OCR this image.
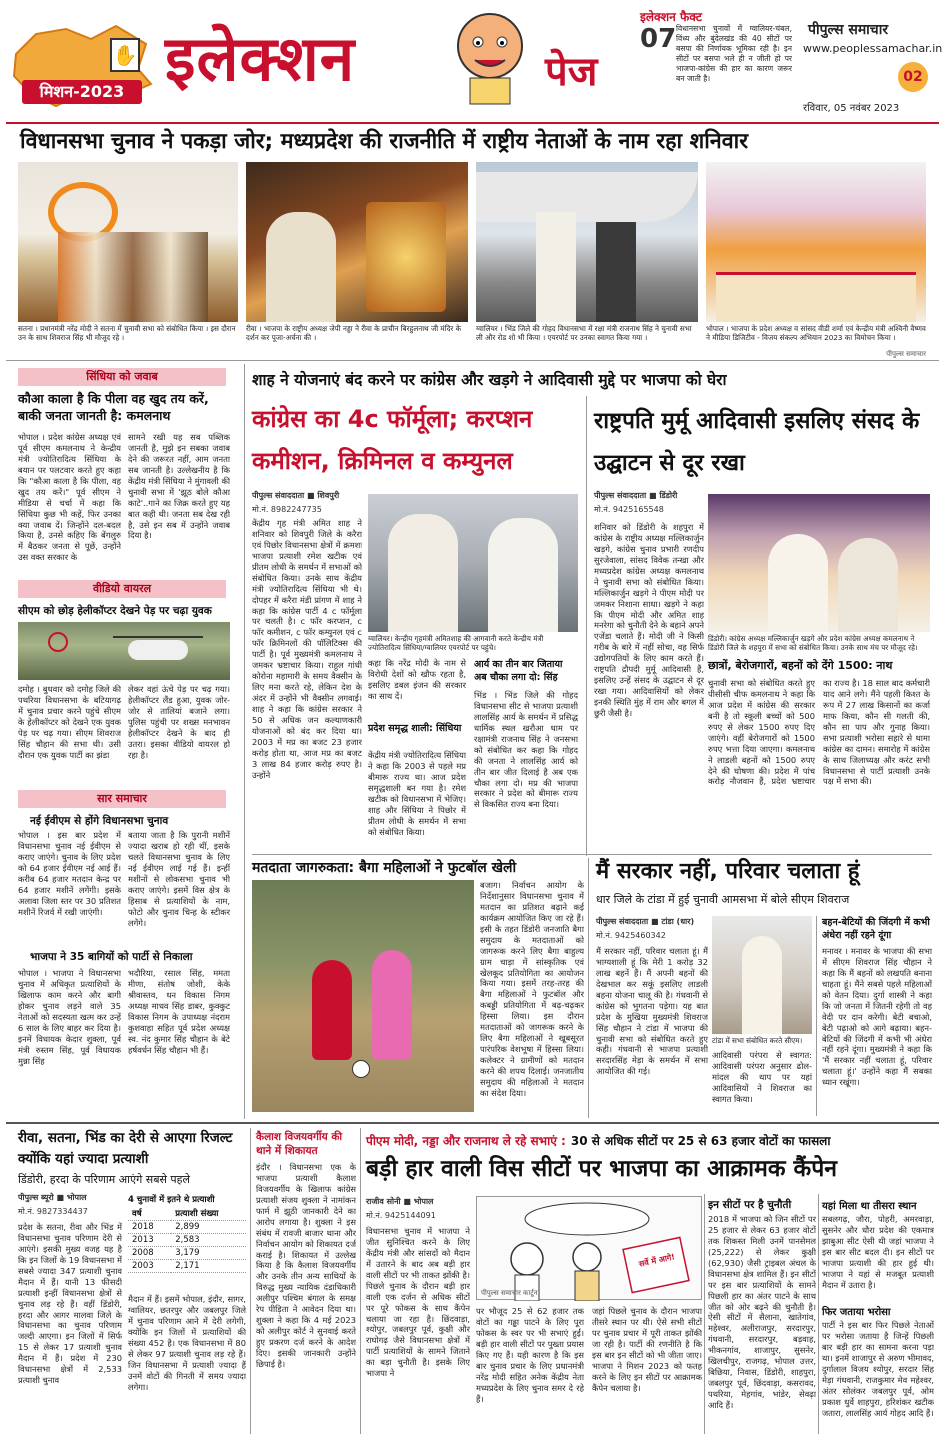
मिशन-2023
✋ इलेक्शन	पेज
इलेक्शन फैक्ट
07 विधानसभा चुनावों में ग्वालियर-चंबल, विंध्य और बुंदेलखंड की 40 सीटों पर बसपा की निर्णायक भूमिका रही है। इन सीटों पर बसपा भले ही न जीती हो पर भाजपा-कांग्रेस की हार का कारण जरूर बन जाती है।
पीपुल्स समाचार
www.peoplessamachar.in
02
रविवार, 05 नवंबर 2023
विधानसभा चुनाव ने पकड़ा जोर; मध्यप्रदेश की राजनीति में राष्ट्रीय नेताओं के नाम रहा शनिवार
सतना । प्रधानमंत्री नरेंद्र मोदी ने सतना में चुनावी सभा को संबोधित किया । इस दौरान उन के साथ शिवराज सिंह भी मौजूद रहे ।
रीवा । भाजपा के राष्ट्रीय अध्यक्ष जेपी नड्डा ने रीवा के प्राचीन बिरहुलनाथ जी मंदिर के दर्शन कर पूजा-अर्चना की ।
ग्वालियर । भिंड जिले की गोहद विधानसभा में रक्षा मंत्री राजनाथ सिंह ने चुनावी सभा ली और रोड शो भी किया । एयरपोर्ट पर उनका स्वागत किया गया ।
भोपाल । भाजपा के प्रदेश अध्यक्ष व सांसद वीडी शर्मा एवं केन्द्रीय मंत्री अश्विनी वैष्णव ने मीडिया डिजिटीव - विजय संकल्प अभियान 2023 का विमोचन किया ।
पीपुल्स समाचार
सिंधिया को जवाब
कौआ काला है कि पीला वह खुद तय करें, बाकी जनता जानती है: कमलनाथ
भोपाल । प्रदेश कांग्रेस अध्यक्ष एवं पूर्व सीएम कमलनाथ ने केन्द्रीय मंत्री ज्योतिरादित्य सिंधिया के बयान पर पलटवार करते हुए कहा कि "कौआ काला है कि पीला, वह खुद तय करें।" पूर्व सीएम ने मीडिया से चर्चा में कहा कि सिंधिया कुछ भी कहें, फिर उनका क्या जवाब दें। जिन्होंने दल-बदल किया है, उनसे कहिए कि बेंगलुरु में बैठकर जनता से पूछें, उन्होंने उस वक्त सरकार के
सामने रखी यह सब पब्लिक जानती है, मुझे इन सबका जवाब देने की जरूरत नहीं, आम जनता सब जानती है। उल्लेखनीय है कि केंद्रीय मंत्री सिंधिया ने मुंगावली की चुनावी सभा में 'झूठ बोले कौआ काटे'..गाने का जिक्र करते हुए यह बात कही थी। जनता सब देख रही है, उसे इन सब में उन्होंने जवाब दिया है।
वीडियो वायरल
सीएम को छोड़ हेलीकॉप्टर देखने पेड़ पर चढ़ा युवक
दमोह । बुधवार को दमोह जिले की पथरिया विधानसभा के बटियागढ़ में चुनाव प्रचार करने पहुंचे सीएम के हेलीकॉप्टर को देखने एक युवक पेड़ पर चढ़ गया। सीएम शिवराज सिंह चौहान की सभा थी। उसी दौरान एक युवक पार्टी का झंडा
लेकर वहां ऊंचे पेड़ पर चढ़ गया। हेलीकॉप्टर लैंड हुआ, युवक जोर-जोर से तालियां बजाने लगा। पुलिस पहुंची पर शख्स मनभावन हेलीकॉप्टर देखने के बाद ही उतरा। इसका वीडियो वायरल हो रहा है।
सार समाचार
नई ईवीएम से होंगे विधानसभा चुनाव
भोपाल । इस बार प्रदेश में विधानसभा चुनाव नई ईवीएम से कराए जाएंगे। चुनाव के लिए प्रदेश को 64 हजार ईवीएम नई आई हैं। करीब 64 हजार मतदान केन्द्र पर 64 हजार मशीनें लगेंगी। इसके अलावा जिला स्तर पर 30 प्रतिशत मशीनें रिजर्व में रखी जाएंगी।
बताया जाता है कि पुरानी मशीनें ज्यादा खराब हो रही थीं, इसके चलते विधानसभा चुनाव के लिए नई ईवीएम लाई गई हैं। इन्हीं मशीनों से लोकसभा चुनाव भी कराए जाएंगे। इसमें विस क्षेत्र के हिसाब से प्रत्याशियों के नाम, फोटो और चुनाव चिन्ह के स्टीकर लगेंगे।
भाजपा ने 35 बागियों को पार्टी से निकाला
भोपाल । भाजपा ने विधानसभा चुनाव में अधिकृत प्रत्याशियों के खिलाफ काम करने और बागी होकर चुनाव लड़ने वाले 35 नेताओं को सदस्यता खत्म कर उन्हें 6 साल के लिए बाहर कर दिया है। इनमें विधायक केदार शुक्ला, पूर्व मंत्री रुस्तम सिंह, पूर्व विधायक मुन्ना सिंह
भदौरिया, रसाल सिंह, ममता मीणा, संतोष जोशी, केके श्रीवास्तव, धन विकास निगम अध्यक्ष माधव सिंह डाबर, कुक्कुट विकास निगम के उपाध्यक्ष नंदराम कुशवाहा सहित पूर्व प्रदेश अध्यक्ष स्व. नंद कुमार सिंह चौहान के बेटे हर्षवर्धन सिंह चौहान भी हैं।
शाह ने योजनाएं बंद करने पर कांग्रेस और खड़गे ने आदिवासी मुद्दे पर भाजपा को घेरा
कांग्रेस का 4c फॉर्मूला; करप्शन कमीशन, क्रिमिनल व कम्युनल
पीपुल्स संवाददाता ■ शिवपुरी
मो.नं. 8982247735
केंद्रीय गृह मंत्री अमित शाह ने शनिवार को शिवपुरी जिले के करैरा एवं पिछोर विधानसभा क्षेत्रों में क्रमशः भाजपा प्रत्याशी रमेश खटीक एवं प्रीतम लोधी के समर्थन में सभाओं को संबोधित किया। उनके साथ केंद्रीय मंत्री ज्योतिरादित्य सिंधिया भी थे। दोपहर में करैरा मंडी प्रांगण में शाह ने कहा कि कांग्रेस पार्टी 4 c फॉर्मूला पर चलती है। c फॉर करप्शन, c फॉर कमीशन, c फॉर कम्युनल एवं c फॉर क्रिमिनलों की पॉलिटिक्स की पार्टी है। पूर्व मुख्यमंत्री कमलनाथ ने जमकर भ्रष्टाचार किया। राहुल गांधी कोरोना महामारी के समय वैक्सीन के लिए मना करते रहे, लेकिन देश के अंदर में उन्होंने भी वैक्सीन लगवाई। शाह ने कहा कि कांग्रेस सरकार ने 50 से अधिक जन कल्याणकारी योजनाओं को बंद कर दिया था। 2003 में मप्र का बजट 23 हजार करोड़ होता था, आज मप्र का बजट 3 लाख 84 हजार करोड़ रुपए है। उन्होंने
ग्वालियर। केन्द्रीय गृहमंत्री अमितशाह की आगवानी करते केन्द्रीय मंत्री ज्योतिरादित्य सिंधिया/ग्वालियर एयरपोर्ट पर पहुंचे।
कहा कि नरेंद्र मोदी के नाम से विरोधी देशों को खौफ रहता है, इसलिए डबल इंजन की सरकार का साथ दें।
प्रदेश समृद्ध शाली: सिंधिया
केंद्रीय मंत्री ज्योतिरादित्य सिंधिया ने कहा कि 2003 से पहले मप्र बीमारू राज्य था। आज प्रदेश समृद्धशाली बन गया है। रमेश खटीक को विधानसभा में भेजिए। शाह और सिंधिया ने पिछोर में प्रीतम लोधी के समर्थन में सभा को संबोधित किया।
आर्य का तीन बार जिताया अब चौका लगा दो: सिंह
भिंड । भिंड जिले की गोहद विधानसभा सीट से भाजपा प्रत्याशी लालसिंह आर्य के समर्थन में प्रसिद्ध धार्मिक स्थल खरौआ धाम पर रक्षामंत्री राजनाथ सिंह ने जनसभा को संबोधित कर कहा कि गोहद की जनता ने लालसिंह आर्य को तीन बार जीत दिलाई है अब एक चौका लगा दो। मप्र की भाजपा सरकार ने प्रदेश को बीमारू राज्य से विकसित राज्य बना दिया।
राष्ट्रपति मुर्मू आदिवासी इसलिए संसद के उद्घाटन से दूर रखा
पीपुल्स संवाददाता ■ डिंडोरी
मो.नं. 9425165548
शनिवार को डिंडोरी के शहपुरा में कांग्रेस के राष्ट्रीय अध्यक्ष मल्लिकार्जुन खड़गे, कांग्रेस चुनाव प्रभारी रणदीप सुरजेवाला, सांसद विवेक तन्खा और मध्यप्रदेश कांग्रेस अध्यक्ष कमलनाथ ने चुनावी सभा को संबोधित किया। मल्लिकार्जुन खड़गे ने पीएम मोदी पर जमकर निशाना साधा। खड़गे ने कहा कि पीएम मोदी और अमित शाह मनरेगा को चुनौती देने के बहाने अपने एजेंडा चलाते हैं। मोदी जी ने किसी गरीब के बारे में नहीं सोचा, वह सिर्फ उद्योगपतियों के लिए काम करते हैं। राष्ट्रपति द्रौपदी मुर्मू आदिवासी हैं, इसलिए उन्हें संसद के उद्घाटन से दूर रखा गया। आदिवासियों को लेकर इनकी स्थिति मुंह में राम और बगल में छुरी जैसी है।
डिंडोरी। कांग्रेस अध्यक्ष मल्लिकार्जुन खड़गे और प्रदेश कांग्रेस अध्यक्ष कमलनाथ ने डिंडोरी जिले के शहपुरा में सभा को संबोधित किया। उनके साथ मंच पर मौजूद रहे।
छात्रों, बेरोजगारों, बहनों को देंगे 1500: नाथ
चुनावी सभा को संबोधित करते हुए पीसीसी चीफ कमलनाथ ने कहा कि आज प्रदेश में कांग्रेस की सरकार बनी है तो स्कूली बच्चों को 500 रुपए से लेकर 1500 रुपए दिए जाएंगे। वहीं बेरोजगारों को 1500 रुपए भत्ता दिया जाएगा। कमलनाथ ने लाडली बहनों को 1500 रुपए देने की घोषणा की। प्रदेश में पांच करोड़ नौजवान हैं, प्रदेश भ्रष्टाचार का राज्य है। 18 साल बाद कर्मचारी याद आने लगे। मैंने पहली किश्त के रूप में 27 लाख किसानों का कर्जा माफ किया, कौन सी गलती की, कौन सा पाप और गुनाह किया। सभा प्रत्याशी भरोसा सहारे से थामा कांग्रेस का दामन। समारोह में कांग्रेस के साथ जिलाध्यक्ष और करंट सभी विधानसभा से पार्टी प्रत्याशी उनके पक्ष में सभा की।
मतदाता जागरुकता: बैगा महिलाओं ने फुटबॉल खेली
बजाग। निर्वाचन आयोग के निर्देशानुसार विधानसभा चुनाव में मतदान का प्रतिशत बढ़ाने कई कार्यक्रम आयोजित किए जा रहे हैं। इसी के तहत डिंडोरी जनजाति बैगा समुदाय के मतदाताओं को जागरूक करने लिए बैगा बाहुल्य ग्राम चाड़ा में सांस्कृतिक एवं खेलकूद प्रतियोगिता का आयोजन किया गया। इसमें तरह-तरह की बैगा महिलाओं ने फुटबॉल और कबड्डी प्रतियोगिता में बढ़-चढ़कर हिस्सा लिया। इस दौरान मतदाताओं को जागरूक करने के लिए बैगा महिलाओं ने खूबसूरत पारंपरिक वेशभूषा में हिस्सा लिया। कलेक्टर ने ग्रामीणों को मतदान करने की शपथ दिलाई। जनजातीय समुदाय की महिलाओं ने मतदान का संदेश दिया।
मैं सरकार नहीं, परिवार चलाता हूं
धार जिले के टांडा में हुई चुनावी आमसभा में बोले सीएम शिवराज
पीपुल्स संवाददाता ■ टांडा (धार)
मो.नं. 9425460342
मैं सरकार नहीं, परिवार चलाता हूं। मैं भाग्यशाली हूं कि मेरी 1 करोड़ 32 लाख बहनें हैं। मैं अपनी बहनों की देखभाल कर सकूं इसलिए लाडली बहना योजना चालू की है। गंधवानी से कांग्रेस को भुगतना पड़ेगा। यह बात प्रदेश के मुखिया मुख्यमंत्री शिवराज सिंह चौहान ने टांडा में भाजपा की चुनावी सभा को संबोधित करते हुए कही। गंधवानी से भाजपा प्रत्याशी सरदारसिंह मेड़ा के समर्थन में सभा आयोजित की गई।
टांडा में सभा संबोधित करते सीएम।
आदिवासी परंपरा से स्वागत: आदिवासी परंपरा अनुसार ढोल-मांदल की थाप पर यहां आदिवासियों ने शिवराज का स्वागत किया।
बहन-बेटियों की जिंदगी में कभी अंधेरा नहीं रहने दूंगा
मनावर । मनावर के भाजपा की सभा में सीएम शिवराज सिंह चौहान ने कहा कि मैं बहनों को लखपति बनाना चाहता हूं। मैंने सबसे पहले महिलाओं को वेतन दिया। दुर्गा शास्त्री ने कहा कि जो जनता में जितनी रहेगी तो वह वेदी पर दान करेगी। बेटी बचाओ, बेटी पढ़ाओ को आगे बढ़ाया। बहन-बेटियों की जिंदगी में कभी भी अंधेरा नहीं रहने दूंगा। मुख्यमंत्री ने कहा कि 'मैं सरकार नहीं चलाता हूं, परिवार चलाता हूं।' उन्होंने कहा मैं सबका ध्यान रखूंगा।
रीवा, सतना, भिंड का देरी से आएगा रिजल्ट क्योंकि यहां ज्यादा प्रत्याशी
डिंडोरी, हरदा के परिणाम आएंगे सबसे पहले
पीपुल्स ब्यूरो ■ भोपाल
मो.नं. 9827334437
प्रदेश के सतना, रीवा और भिंड में विधानसभा चुनाव परिणाम देरी से आएंगे। इसकी मुख्य वजह यह है कि इन जिलों के 19 विधानसभा में सबसे ज्यादा 347 प्रत्याशी चुनाव मैदान में हैं। यानी 13 फीसदी प्रत्याशी इन्हीं विधानसभा क्षेत्रों से चुनाव लड़ रहे हैं। वहीं डिंडोरी, हरदा और आगर मालवा जिले के विधानसभा का चुनाव परिणाम जल्दी आएगा। इन जिलों में सिर्फ 15 से लेकर 17 प्रत्याशी चुनाव मैदान में हैं। प्रदेश में 230 विधानसभा क्षेत्रों में 2,533 प्रत्याशी चुनाव
4 चुनावों में इतने थे प्रत्याशी
वर्ष	प्रत्याशी संख्या
2018	2,899
2013	2,583
2008	3,179
2003	2,171
मैदान में हैं। इसमें भोपाल, इंदौर, सागर, ग्वालियर, छतरपुर और जबलपुर जिले में चुनाव परिणाम आने में देरी लगेगी, क्योंकि इन जिलों में प्रत्याशियों की संख्या 452 है। एक विधानसभा में 80 से लेकर 97 प्रत्याशी चुनाव लड़ रहे हैं। जिन विधानसभा में प्रत्याशी ज्यादा हैं उनमें वोटों की गिनती में समय ज्यादा लगेगा।
कैलाश विजयवर्गीय की थाने में शिकायत
इंदौर । विधानसभा एक के भाजपा प्रत्याशी कैलाश विजयवर्गीय के खिलाफ कांग्रेस प्रत्याशी संजय शुक्ला ने नामांकन फार्म में झूठी जानकारी देने का आरोप लगाया है। शुक्ला ने इस संबंध में रावजी बाजार थाना और निर्वाचन आयोग को शिकायत दर्ज कराई है। शिकायत में उल्लेख किया है कि कैलाश विजयवर्गीय और उनके तीन अन्य साथियों के विरुद्ध मुख्य न्यायिक दंडाधिकारी अलीपुर पश्चिम बंगाल के समक्ष रेप पीड़िता ने आवेदन दिया था। शुक्ला ने कहा कि 4 मई 2023 को अलीपुर कोर्ट ने सुनवाई करते हुए प्रकरण दर्ज करने के आदेश दिए। इसकी जानकारी उन्होंने छिपाई है।
पीएम मोदी, नड्डा और राजनाथ ले रहे सभाएं : 30 से अधिक सीटों पर 25 से 63 हजार वोटों का फासला
बड़ी हार वाली विस सीटों पर भाजपा का आक्रामक कैंपेन
राजीव सोनी ■ भोपाल
मो.नं. 9425144091
विधानसभा चुनाव में भाजपा ने जीत सुनिश्चित करने के लिए केंद्रीय मंत्री और सांसदों को मैदान में उतारने के बाद अब बड़ी हार वाली सीटों पर भी ताकत झोंकी है। पिछले चुनाव के दौरान बड़ी हार वाली एक दर्जन से अधिक सीटों पर पूरे फोकस के साथ कैंपेन चलाया जा रहा है। छिंदवाड़ा, श्योपुर, जबलपुर पूर्व, कुक्षी और राघोगढ़ जैसे विधानसभा क्षेत्रों में पार्टी प्रत्याशियों के सामने जिताने का बड़ा चुनौती है। इसके लिए भाजपा ने
सर्वे में आगे!
पीपुल्स समाचार कार्टून
पर भौजूद 25 से 62 हजार तक वोटों का गड्ढा पाटने के लिए पूरा फोकस के स्वर पर भी सभाएं हुईं। बड़ी हार वाली सीटों पर पुख्ता प्रयास किए गए हैं। यही कारण है कि इस बार चुनाव प्रचार के लिए प्रधानमंत्री नरेंद्र मोदी सहित अनेक केंद्रीय नेता मध्यप्रदेश के लिए चुनाव समर दे रहे हैं।
जहां पिछले चुनाव के दौरान भाजपा तीसरे स्थान पर थी। ऐसे सभी सीटों पर चुनाव प्रचार में पूरी ताकत झोंकी जा रही है। पार्टी की रणनीति है कि इस बार इन सीटों को भी जीता जाए। भाजपा ने मिशन 2023 को फतह करने के लिए इन सीटों पर आक्रामक कैंपेन चलाया है।
इन सीटों पर है चुनौती
2018 में भाजपा को जिन सीटों पर 25 हजार से लेकर 63 हजार वोटों तक शिकस्त मिली उनमें पानसेमल (25,222) से लेकर कुक्षी (62,930) जैसी ट्राइबल अंचल के विधानसभा क्षेत्र शामिल हैं। इन सीटों पर इस बार प्रत्याशियों के सामने पिछली हार का अंतर पाटने के साथ जीत को ओर बढ़ने की चुनौती है। ऐसी सीटों में सैलाना, खातेगांव, महेश्वर, अलीराजपुर, सरदारपुर, गंधवानी, सरदारपुर, बड़वाह, भीकनगांव, शाजापुर, सुसनेर, खिलचीपुर, राजगढ़, भोपाल उत्तर, बिछिया, निवास, डिंडोरी, शाहपुरा, जबलपुर पूर्व, छिंदवाड़ा, कसरावद, पथरिया, मेहगांव, भांडेर, सेवढ़ा आदि हैं।
यहां मिला था तीसरा स्थान
सबलगढ़, जौरा, पोहरी, अमरवाड़ा, सुसनेर और धौरा प्रदेश की एकमात्र झाबुआ सीट ऐसी थी जहां भाजपा ने इस बार सीट बदल दी। इन सीटों पर भाजपा प्रत्याशी की हार हुई थी। भाजपा ने यहां से मजबूत प्रत्याशी मैदान में उतारा है।
फिर जताया भरोसा
पार्टी ने इस बार फिर पिछले नेताओं पर भरोसा जताया है जिन्हें पिछली बार बड़ी हार का सामना करना पड़ा था। इनमें शाजापुर से अरुण भीमावद, दुर्गालाल विजय श्योपुर, सरदार सिंह मेड़ा गंधवानी, राजकुमार मेव महेश्वर, अंतर सोलंकर जबलपुर पूर्व, ओम प्रकाश धुर्वे शाहपुरा, हरिशंकर खटीक जतारा, लालसिंह आर्य गोहद आदि हैं।
